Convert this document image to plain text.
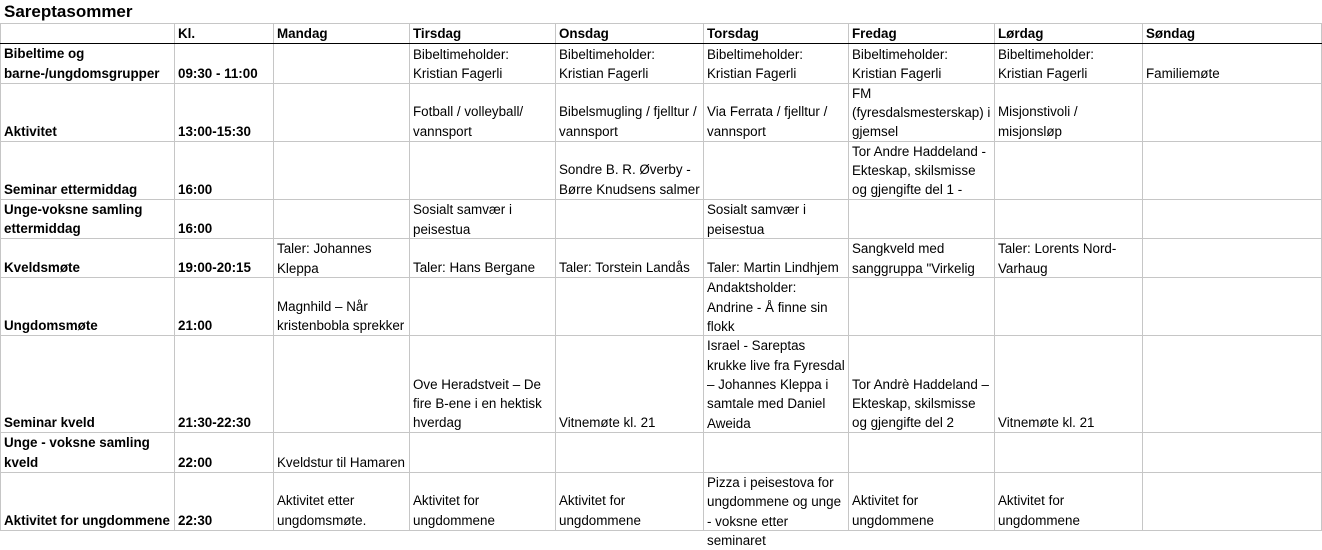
Sareptasommer
	Kl.	Mandag	Tirsdag	Onsdag	Torsdag	Fredag	Lørdag	Søndag
Bibeltime og barne-/ungdomsgrupper	09:30 - 11:00		Bibeltimeholder: Kristian Fagerli	Bibeltimeholder: Kristian Fagerli	Bibeltimeholder: Kristian Fagerli	Bibeltimeholder: Kristian Fagerli	Bibeltimeholder: Kristian Fagerli	Familiemøte

Aktivitet	13:00-15:30		Fotball / volleyball/ vannsport	Bibelsmugling / fjelltur / vannsport	Via Ferrata / fjelltur / vannsport	FM (fyresdalsmesterskap) i gjemsel	Misjonstivoli / misjonsløp	

Seminar ettermiddag	16:00			Sondre B. R. Øverby - Børre Knudsens salmer		Tor Andre Haddeland - Ekteskap, skilsmisse og gjengifte del 1 -		

Unge-voksne samling ettermiddag	16:00		Sosialt samvær i peisestua		Sosialt samvær i peisestua			

Kveldsmøte	19:00-20:15	Taler: Johannes Kleppa	Taler: Hans Bergane	Taler: Torstein Landås	Taler: Martin Lindhjem	Sangkveld med sanggruppa "Virkelig	Taler: Lorents Nord-Varhaug	

Ungdomsmøte	21:00	Magnhild – Når kristenbobla sprekker			Andaktsholder: Andrine - Å finne sin flokk			

Seminar kveld	21:30-22:30		Ove Heradstveit – De fire B-ene i en hektisk hverdag	Vitnemøte kl. 21	Israel - Sareptas krukke live fra Fyresdal – Johannes Kleppa i samtale med Daniel Aweida	Tor Andrè Haddeland – Ekteskap, skilsmisse og gjengifte del 2	Vitnemøte kl. 21	

Unge - voksne samling kveld	22:00	Kveldstur til Hamaren						

Aktivitet for ungdommene	22:30	Aktivitet etter ungdomsmøte.	Aktivitet for ungdommene	Aktivitet for ungdommene	Pizza i peisestova for ungdommene og unge - voksne etter seminaret	Aktivitet for ungdommene	Aktivitet for ungdommene	
